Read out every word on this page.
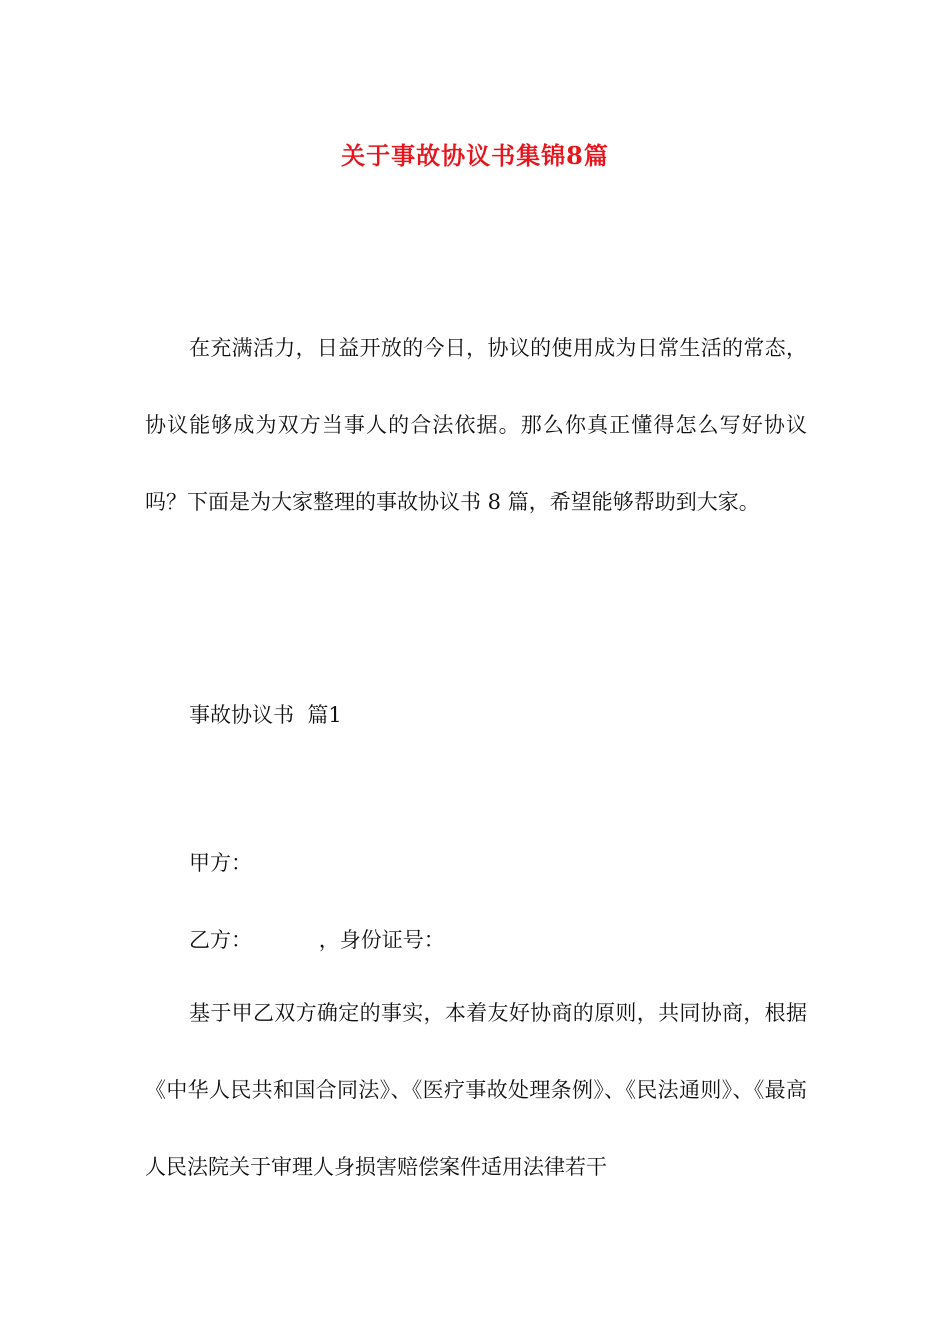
关于事故协议书集锦8篇

在充满活力，日益开放的今日，协议的使用成为日常生活的常态，协议能够成为双方当事人的合法依据。那么你真正懂得怎么写好协议吗？下面是为大家整理的事故协议书 8 篇，希望能够帮助到大家。

事故协议书  篇1

甲方：

乙方：          ，身份证号：

基于甲乙双方确定的事实，本着友好协商的原则，共同协商，根据《中华人民共和国合同法》、《医疗事故处理条例》、《民法通则》、《最高人民法院关于审理人身损害赔偿案件适用法律若干
